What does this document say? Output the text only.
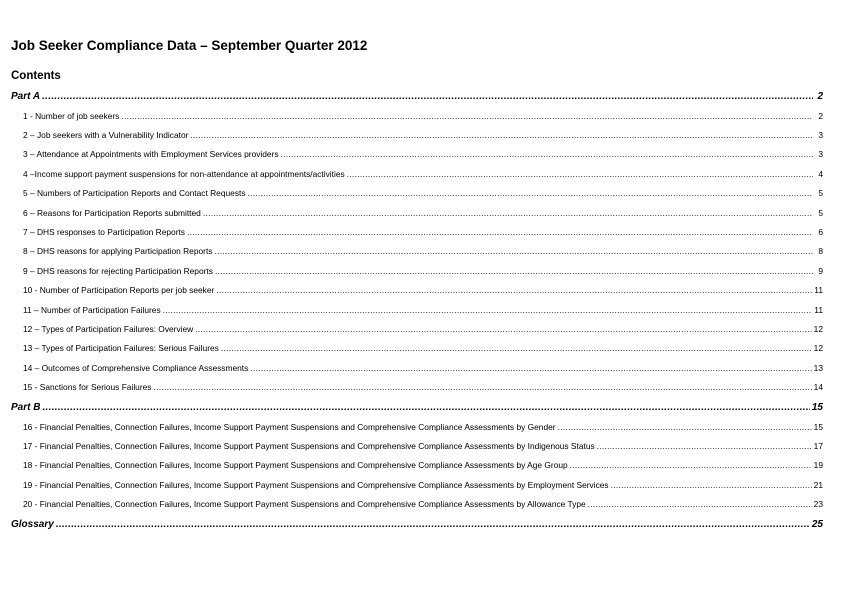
Job Seeker Compliance Data – September Quarter 2012
Contents
Part A .....	2
1 - Number of job seekers .....	2
2 – Job seekers with a Vulnerability Indicator .....	3
3 – Attendance at Appointments with Employment Services providers .....	3
4 –Income support payment suspensions for non-attendance at appointments/activities .....	4
5 – Numbers of Participation Reports and Contact Requests .....	5
6 – Reasons for Participation Reports submitted .....	5
7 – DHS responses to Participation Reports .....	6
8 – DHS reasons for applying Participation Reports .....	8
9 – DHS reasons for rejecting Participation Reports .....	9
10 - Number of Participation Reports per job seeker .....	11
11 – Number of Participation Failures .....	11
12 – Types of Participation Failures: Overview .....	12
13 – Types of Participation Failures: Serious Failures .....	12
14 – Outcomes of Comprehensive Compliance Assessments .....	13
15 - Sanctions for Serious Failures .....	14
Part B .....	15
16 - Financial Penalties, Connection Failures, Income Support Payment Suspensions and Comprehensive Compliance Assessments by Gender .....	15
17 - Financial Penalties, Connection Failures, Income Support Payment Suspensions and Comprehensive Compliance Assessments by Indigenous Status .....	17
18 - Financial Penalties, Connection Failures, Income Support Payment Suspensions and Comprehensive Compliance Assessments by Age Group .....	19
19 - Financial Penalties, Connection Failures, Income Support Payment Suspensions and Comprehensive Compliance Assessments by Employment Services .....	21
20 - Financial Penalties, Connection Failures, Income Support Payment Suspensions and Comprehensive Compliance Assessments by Allowance Type .....	23
Glossary .....	25
